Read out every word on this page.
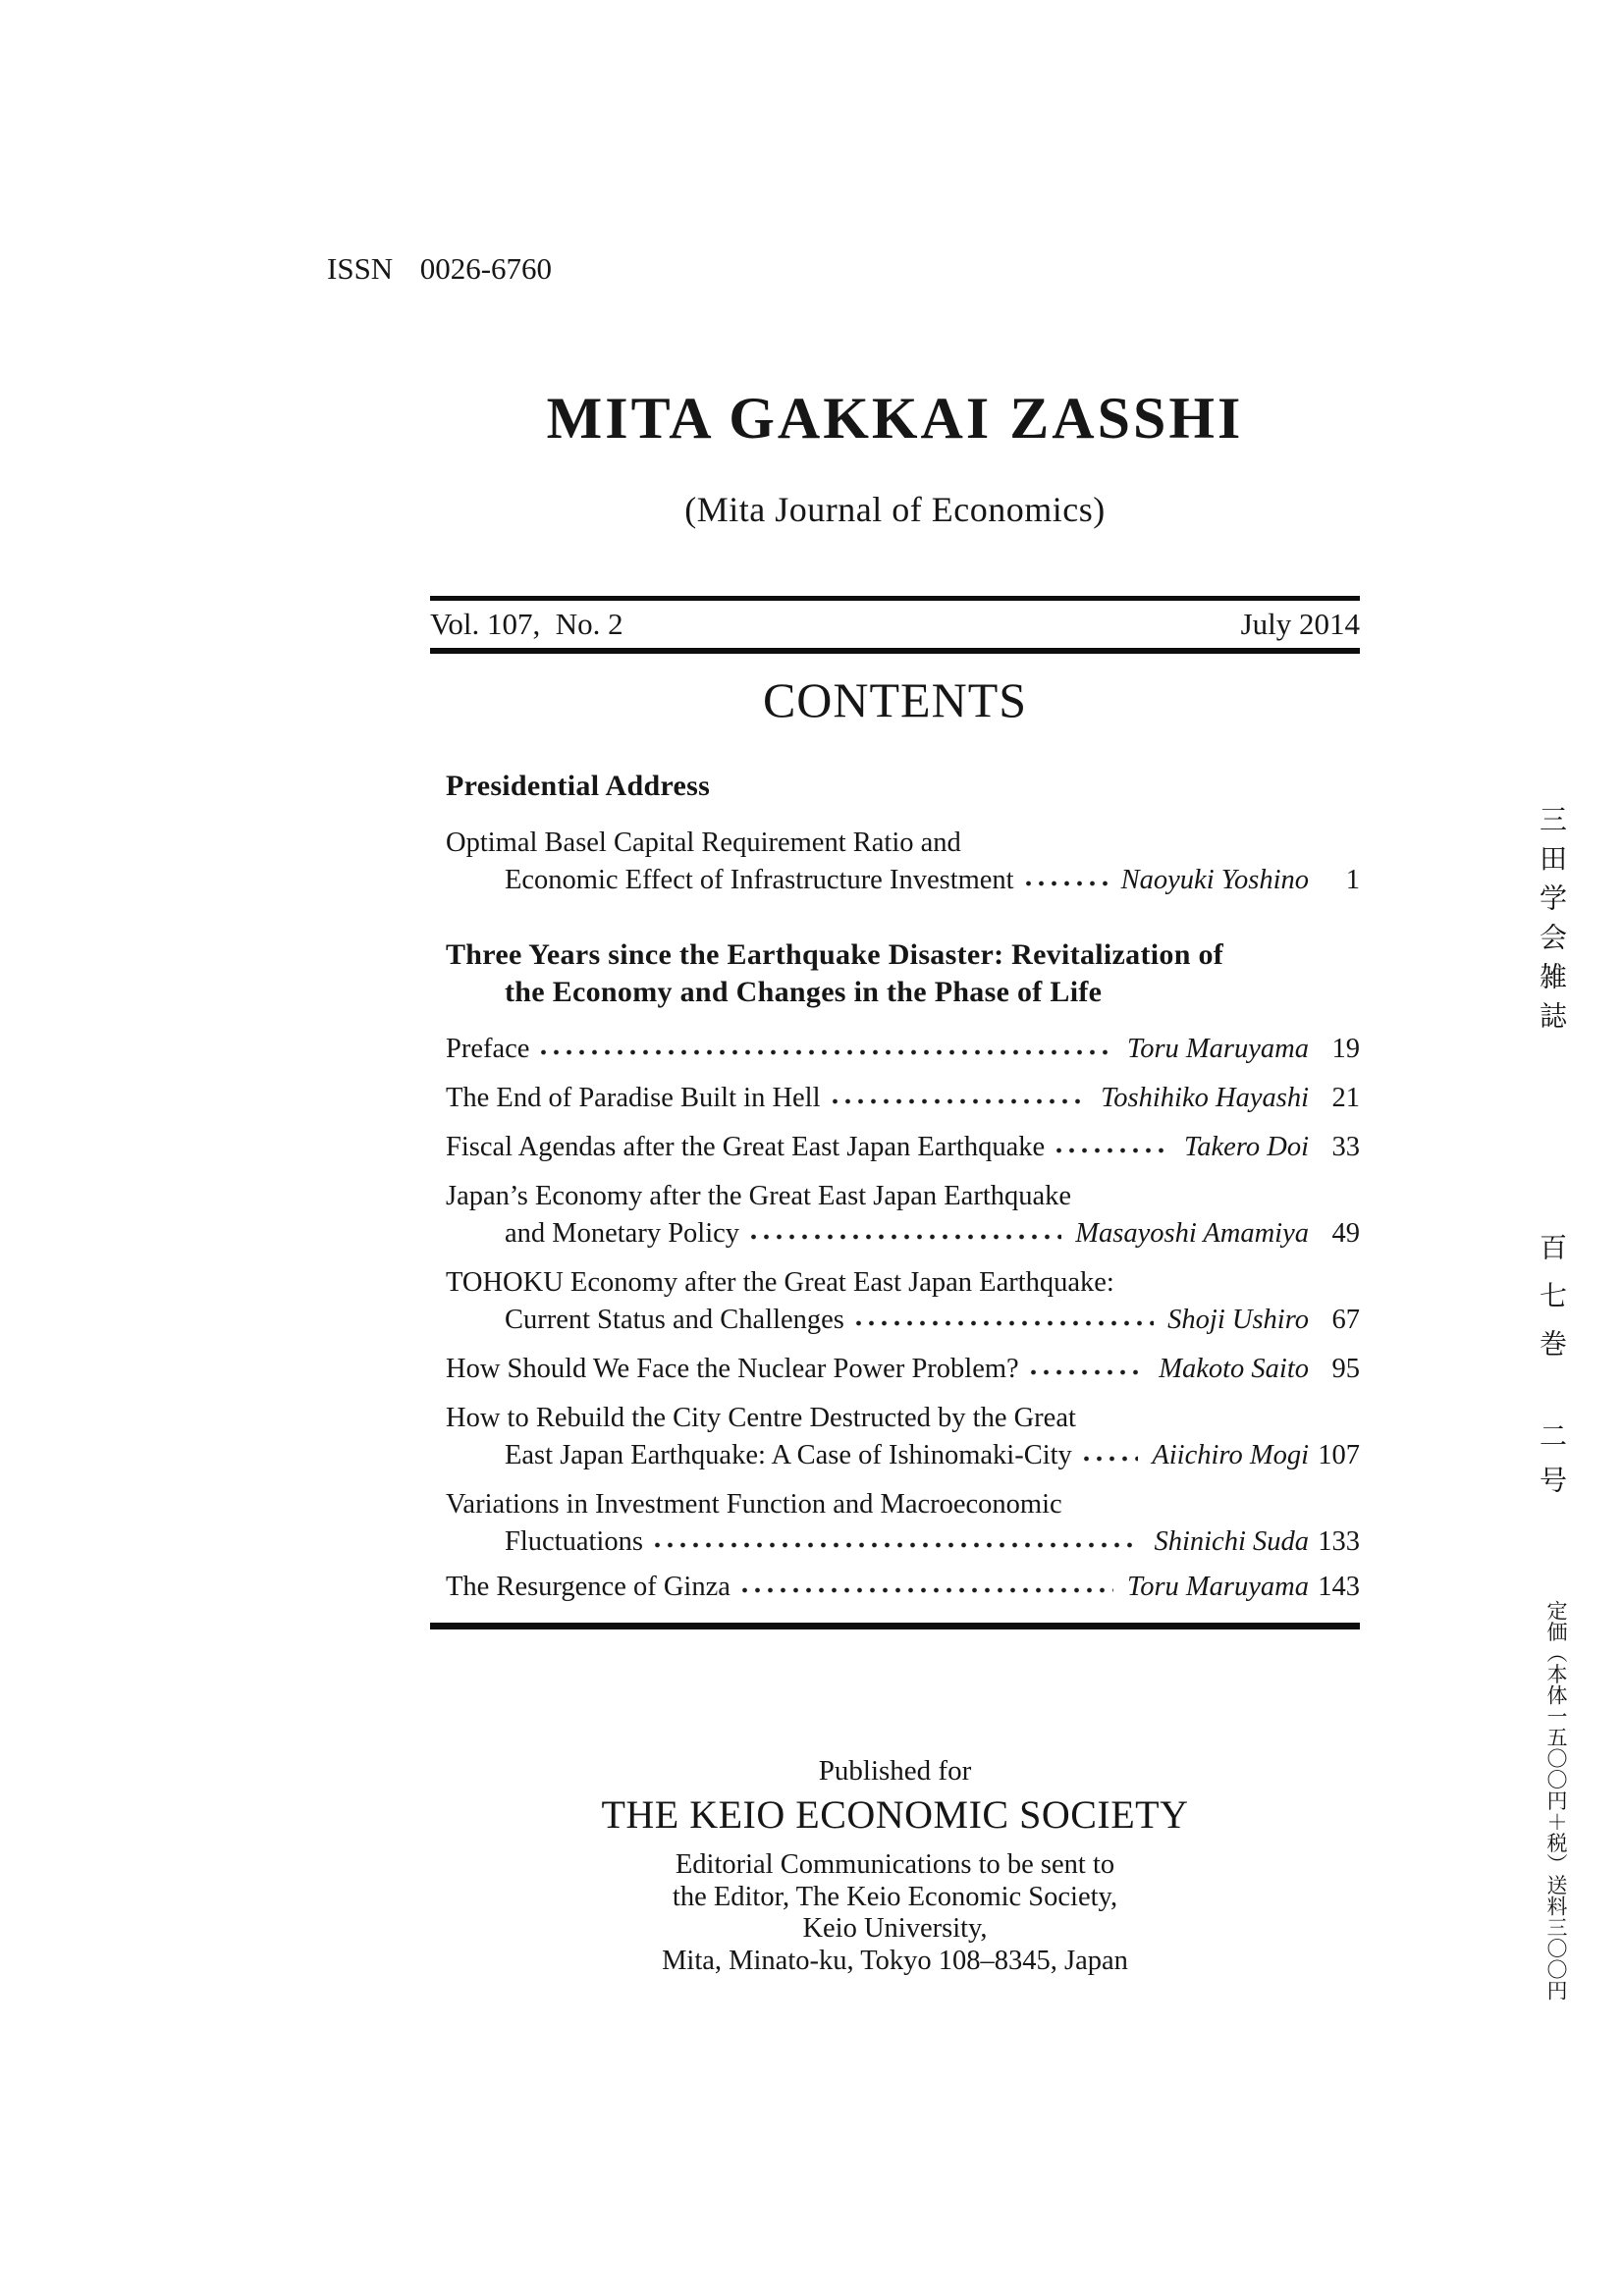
ISSN  0026-6760
MITA GAKKAI ZASSHI
(Mita Journal of Economics)
Vol. 107,  No. 2	July 2014
CONTENTS
Presidential Address
Optimal Basel Capital Requirement Ratio and
Economic Effect of Infrastructure Investment	Naoyuki Yoshino	1
Three Years since the Earthquake Disaster: Revitalization of
the Economy and Changes in the Phase of Life
Preface	Toru Maruyama 19
The End of Paradise Built in Hell	Toshihiko Hayashi 21
Fiscal Agendas after the Great East Japan Earthquake	Takero Doi 33
Japan’s Economy after the Great East Japan Earthquake
and Monetary Policy	Masayoshi Amamiya 49
TOHOKU Economy after the Great East Japan Earthquake:
Current Status and Challenges	Shoji Ushiro 67
How Should We Face the Nuclear Power Problem?	Makoto Saito 95
How to Rebuild the City Centre Destructed by the Great
East Japan Earthquake: A Case of Ishinomaki-City	Aiichiro Mogi 107
Variations in Investment Function and Macroeconomic
Fluctuations	Shinichi Suda 133
The Resurgence of Ginza	Toru Maruyama 143
Published for
THE KEIO ECONOMIC SOCIETY
Editorial Communications to be sent to
the Editor, The Keio Economic Society,
Keio University,
Mita, Minato-ku, Tokyo 108–8345, Japan
三田学会雑誌
百七巻
二号
定価（本体一五〇〇円＋税）送料三〇〇円
